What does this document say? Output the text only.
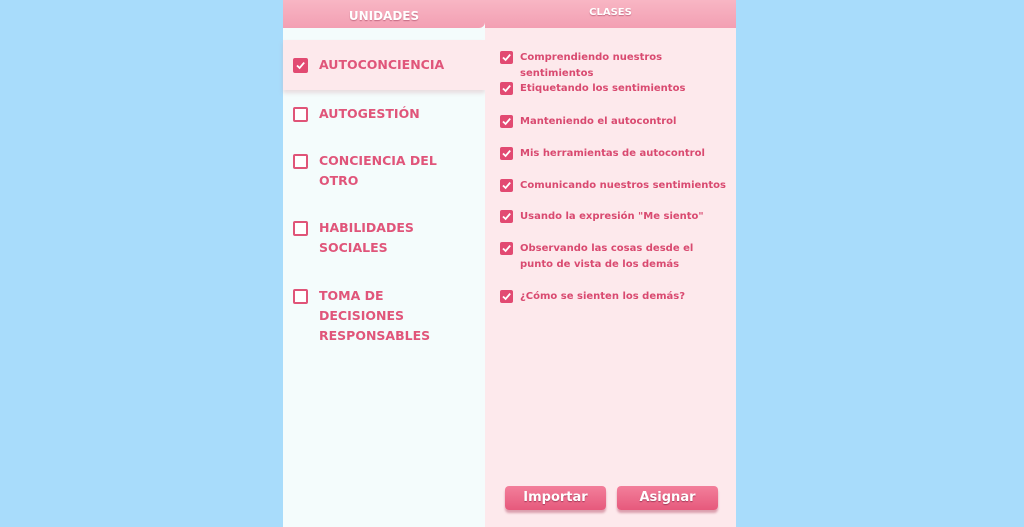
UNIDADES	CLASES
AUTOCONCIENCIA
AUTOGESTIÓN
CONCIENCIA DEL OTRO
HABILIDADES SOCIALES
TOMA DE DECISIONES RESPONSABLES
Comprendiendo nuestros sentimientos
Etiquetando los sentimientos
Manteniendo el autocontrol
Mis herramientas de autocontrol
Comunicando nuestros sentimientos
Usando la expresión "Me siento"
Observando las cosas desde el punto de vista de los demás
¿Cómo se sienten los demás?
Importar	Asignar
